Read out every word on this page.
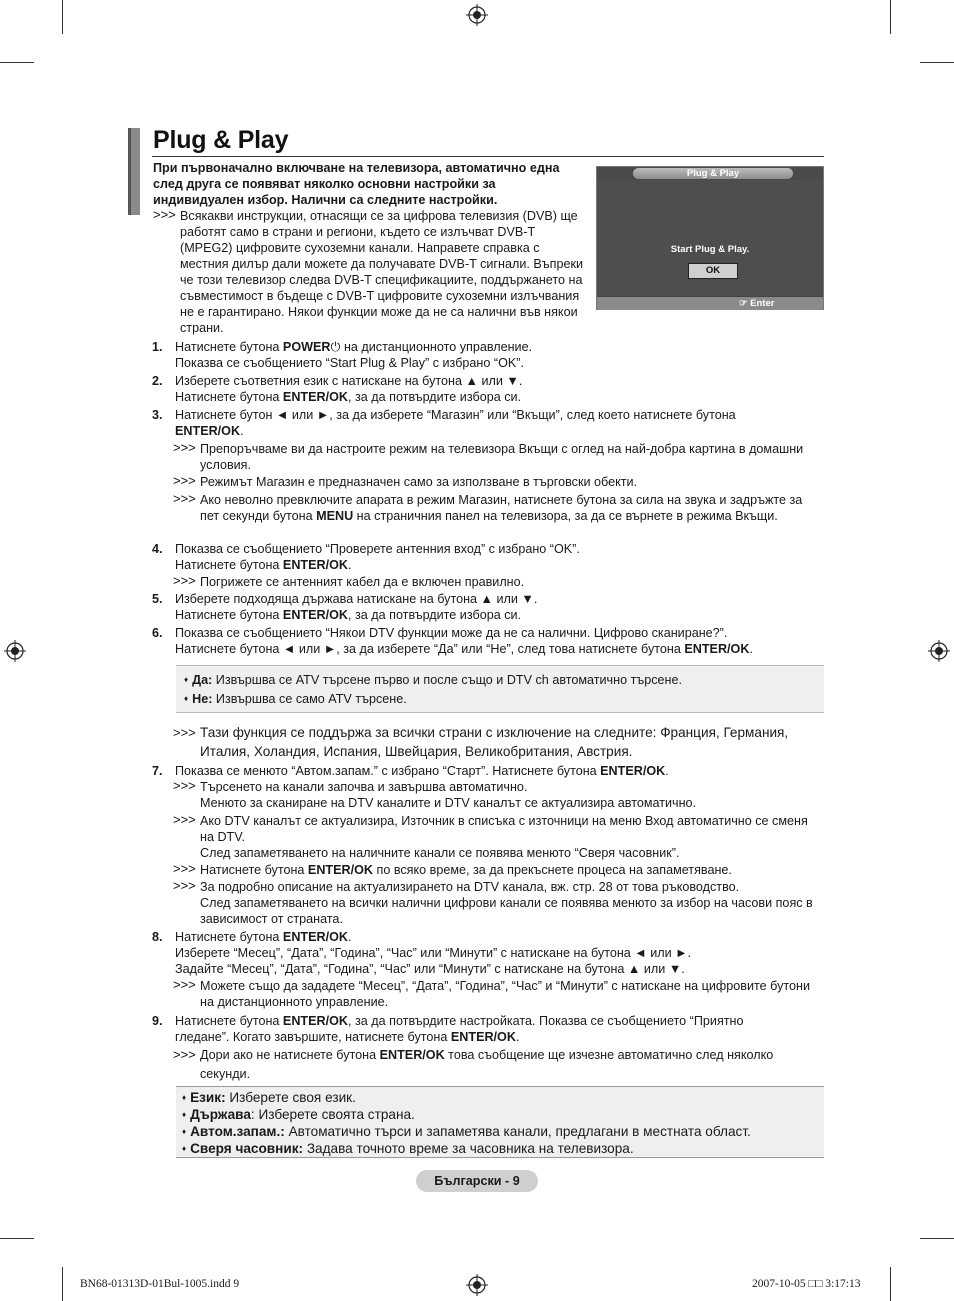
Plug & Play
При първоначално включване на телевизора, автоматично една след друга се появяват няколко основни настройки за индивидуален избор. Налични са следните настройки.
>>> Всякакви инструкции, отнасящи се за цифрова телевизия (DVB) ще работят само в страни и региони, където се излъчват DVB-T (MPEG2) цифровите сухоземни канали. Направете справка с местния дилър дали можете да получавате DVB-T сигнали. Въпреки че този телевизор следва DVB-T спецификациите, поддържането на съвместимост в бъдеще с DVB-T цифровите сухоземни излъчвания не е гарантирано. Някои функции може да не са налични във някои страни.
Plug & Play
Start Plug & Play.
OK
☞ Enter
1. Натиснете бутона POWER⏻ на дистанционното управление.
Показва се съобщението “Start Plug & Play” с избрано “OK”.
2. Изберете съответния език с натискане на бутона ▲ или ▼.
Натиснете бутона ENTER/OK, за да потвърдите избора си.
3. Натиснете бутон ◄ или ►, за да изберете “Магазин” или “Вкъщи”, след което натиснете бутона
ENTER/OK.
>>> Препоръчваме ви да настроите режим на телевизора Вкъщи с оглед на най-добра картина в домашни условия.
>>> Режимът Магазин е предназначен само за използване в търговски обекти.
>>> Ако неволно превключите апарата в режим Магазин, натиснете бутона за сила на звука и задръжте за пет секунди бутона MENU на страничния панел на телевизора, за да се върнете в режима Вкъщи.
4. Показва се съобщението “Проверете антенния вход” с избрано “OK”.
Натиснете бутона ENTER/OK.
>>> Погрижете се антенният кабел да е включен правилно.
5. Изберете подходяща държава натискане на бутона ▲ или ▼.
Натиснете бутона ENTER/OK, за да потвърдите избора си.
6. Показва се съобщението “Някои DTV функции може да не са налични. Цифрово сканиране?”.
Натиснете бутона ◄ или ►, за да изберете “Да” или “Не”, след това натиснете бутона ENTER/OK.
♦ Да: Извършва се ATV търсене първо и после също и DTV ch автоматично търсене.
♦ Не: Извършва се само ATV търсене.
>>> Тази функция се поддържа за всички страни с изключение на следните: Франция, Германия, Италия, Холандия, Испания, Швейцария, Великобритания, Австрия.
7. Показва се менюто “Автом.запам.” с избрано “Старт”. Натиснете бутона ENTER/OK.
>>> Търсенето на канали започва и завършва автоматично.
Менюто за сканиране на DTV каналите и DTV каналът се актуализира автоматично.
>>> Ако DTV каналът се актуализира, Източник в списъка с източници на меню Вход автоматично се сменя на DTV.
След запаметяването на наличните канали се появява менюто “Сверя часовник”.
>>> Натиснете бутона ENTER/OK по всяко време, за да прекъснете процеса на запаметяване.
>>> За подробно описание на актуализирането на DTV канала, вж. стр. 28 от това ръководство.
След запаметяването на всички налични цифрови канали се появява менюто за избор на часови пояс в зависимост от страната.
8. Натиснете бутона ENTER/OK.
Изберете “Месец”, “Дата”, “Година”, “Час” или “Минути” с натискане на бутона ◄ или ►.
Задайте “Месец”, “Дата”, “Година”, “Час” или “Минути” с натискане на бутона ▲ или ▼.
>>> Можете също да зададете “Месец”, “Дата”, “Година”, “Час” и “Минути” с натискане на цифровите бутони на дистанционното управление.
9. Натиснете бутона ENTER/OK, за да потвърдите настройката. Показва се съобщението “Приятно
гледане”. Когато завършите, натиснете бутона ENTER/OK.
>>> Дори ако не натиснете бутона ENTER/OK това съобщение ще изчезне автоматично след няколко
секунди.
♦ Език: Изберете своя език.
♦ Държава: Изберете своята страна.
♦ Автом.запам.: Автоматично търси и запаметява канали, предлагани в местната област.
♦ Сверя часовник: Задава точното време за часовника на телевизора.
Български - 9
BN68-01313D-01Bul-1005.indd 9	2007-10-05 □□ 3:17:13
